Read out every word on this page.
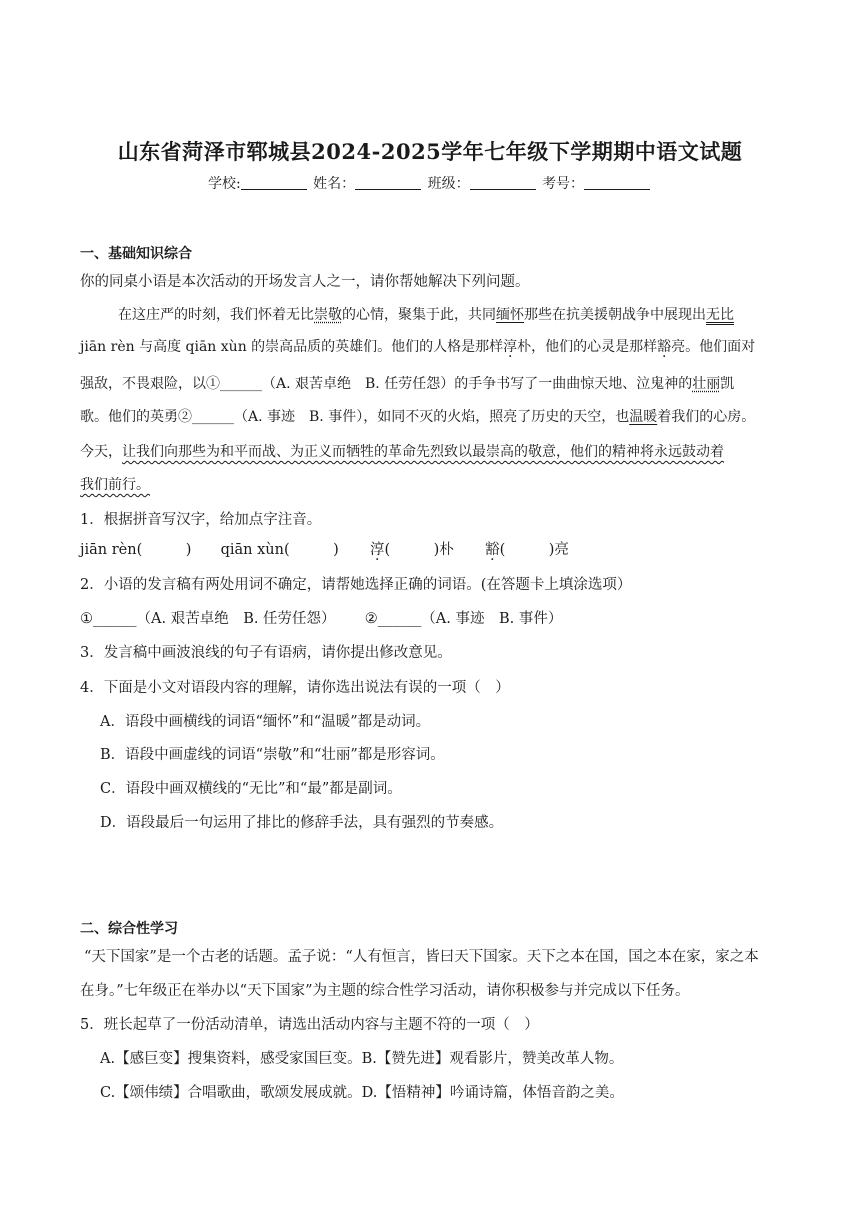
山东省菏泽市郓城县2024-2025学年七年级下学期期中语文试题
学校:	姓名：	班级：	考号：
一、基础知识综合
你的同桌小语是本次活动的开场发言人之一，请你帮她解决下列问题。
在这庄严的时刻，我们怀着无比崇敬的心情，聚集于此，共同缅怀那些在抗美援朝战争中展现出无比
jiān rèn 与高度 qiān xùn 的崇高品质的英雄们。他们的人格是那样淳朴，他们的心灵是那样豁亮。他们面对
强敌，不畏艰险，以①______（A. 艰苦卓绝　B. 任劳任怨）的手争书写了一曲曲惊天地、泣鬼神的壮丽凯
歌。他们的英勇②______（A. 事迹　B. 事件），如同不灭的火焰，照亮了历史的天空，也温暖着我们的心房。
今天，让我们向那些为和平而战、为正义而牺牲的革命先烈致以最崇高的敬意，他们的精神将永远鼓动着
我们前行。
1．根据拼音写汉字，给加点字注音。
jiān rèn(　　　) qiān xùn(　　　) 淳(　　　)朴 豁(　　　)亮
2．小语的发言稿有两处用词不确定，请帮她选择正确的词语。(在答题卡上填涂选项）
①______（A. 艰苦卓绝　B. 任劳任怨） ②______（A. 事迹　B. 事件）
3．发言稿中画波浪线的句子有语病，请你提出修改意见。
4．下面是小文对语段内容的理解，请你选出说法有误的一项（　）
A．语段中画横线的词语“缅怀”和“温暖”都是动词。
B．语段中画虚线的词语“崇敬”和“壮丽”都是形容词。
C．语段中画双横线的“无比”和“最”都是副词。
D．语段最后一句运用了排比的修辞手法，具有强烈的节奏感。
二、综合性学习
“天下国家”是一个古老的话题。孟子说：“人有恒言，皆曰天下国家。天下之本在国，国之本在家，家之本
在身。”七年级正在举办以“天下国家”为主题的综合性学习活动，请你积极参与并完成以下任务。
5．班长起草了一份活动清单，请选出活动内容与主题不符的一项（　）
A.【感巨变】搜集资料，感受家国巨变。B.【赞先进】观看影片，赞美改革人物。
C.【颂伟绩】合唱歌曲，歌颂发展成就。D.【悟精神】吟诵诗篇，体悟音韵之美。
